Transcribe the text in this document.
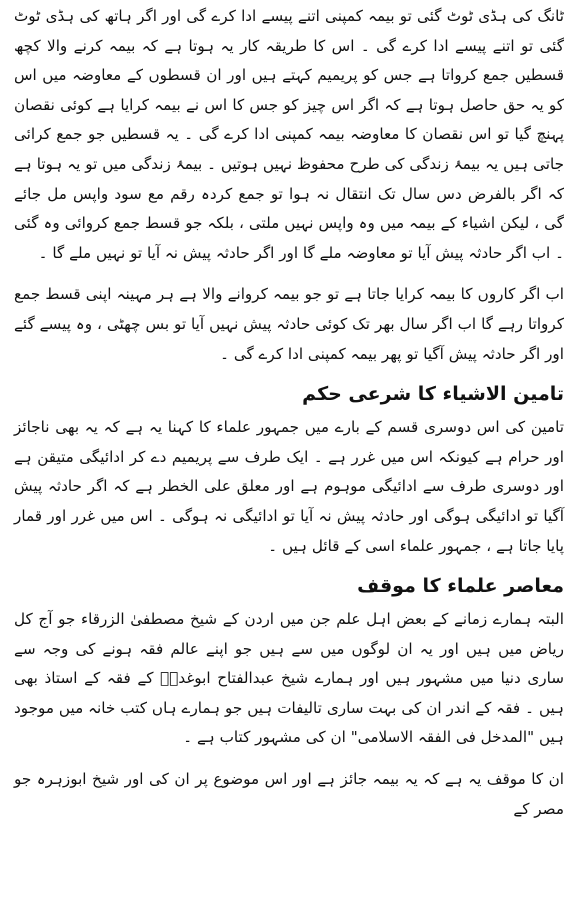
ٹانگ کی ہڈی ٹوٹ گئی تو بیمہ کمپنی اتنے پیسے ادا کرے گی اور اگر ہاتھ کی ہڈی ٹوٹ گئی تو اتنے پیسے ادا کرے گی ۔ اس کا طریقہ کار یہ ہوتا ہے کہ بیمہ کرنے والا کچھ قسطیں جمع کرواتا ہے جس کو پریمیم کہتے ہیں اور ان قسطوں کے معاوضہ میں اس کو یہ حق حاصل ہوتا ہے کہ اگر اس چیز کو جس کا اس نے بیمہ کرایا ہے کوئی نقصان پہنچ گیا تو اس نقصان کا معاوضہ بیمہ کمپنی ادا کرے گی ۔ یہ قسطیں جو جمع کرائی جاتی ہیں یہ بیمۂ زندگی کی طرح محفوظ نہیں ہوتیں ۔ بیمۂ زندگی میں تو یہ ہوتا ہے کہ اگر بالفرض دس سال تک انتقال نہ ہوا تو جمع کردہ رقم مع سود واپس مل جائے گی ، لیکن اشیاء کے بیمہ میں وہ واپس نہیں ملتی ، بلکہ جو قسط جمع کروائی وہ گئی ۔ اب اگر حادثہ پیش آیا تو معاوضہ ملے گا اور اگر حادثہ پیش نہ آیا تو نہیں ملے گا ۔

اب اگر کاروں کا بیمہ کرایا جاتا ہے تو جو بیمہ کروانے والا ہے ہر مہینہ اپنی قسط جمع کرواتا رہے گا اب اگر سال بھر تک کوئی حادثہ پیش نہیں آیا تو بس چھٹی ، وہ پیسے گئے اور اگر حادثہ پیش آگیا تو پھر بیمہ کمپنی ادا کرے گی ۔

تامین الاشیاء کا شرعی حکم

تامین کی اس دوسری قسم کے بارے میں جمہور علماء کا کہنا یہ ہے کہ یہ بھی ناجائز اور حرام ہے کیونکہ اس میں غرر ہے ۔ ایک طرف سے پریمیم دے کر ادائیگی متیقن ہے اور دوسری طرف سے ادائیگی موہوم ہے اور معلق علی الخطر ہے کہ اگر حادثہ پیش آگیا تو ادائیگی ہوگی اور حادثہ پیش نہ آیا تو ادائیگی نہ ہوگی ۔ اس میں غرر اور قمار پایا جاتا ہے ، جمہور علماء اسی کے قائل ہیں ۔

معاصر علماء کا موقف

البتہ ہمارے زمانے کے بعض اہل علم جن میں اردن کے شیخ مصطفیٰ الزرقاء جو آج کل ریاض میں ہیں اور یہ ان لوگوں میں سے ہیں جو اپنے عالم فقہ ہونے کی وجہ سے ساری دنیا میں مشہور ہیں اور ہمارے شیخ عبدالفتاح ابوغدہؒ کے فقہ کے استاذ بھی ہیں ۔ فقہ کے اندر ان کی بہت ساری تالیفات ہیں جو ہمارے ہاں کتب خانہ میں موجود ہیں "المدخل فی الفقہ الاسلامی" ان کی مشہور کتاب ہے ۔

ان کا موقف یہ ہے کہ یہ بیمہ جائز ہے اور اس موضوع پر ان کی اور شیخ ابوزہرہ جو مصر کے
